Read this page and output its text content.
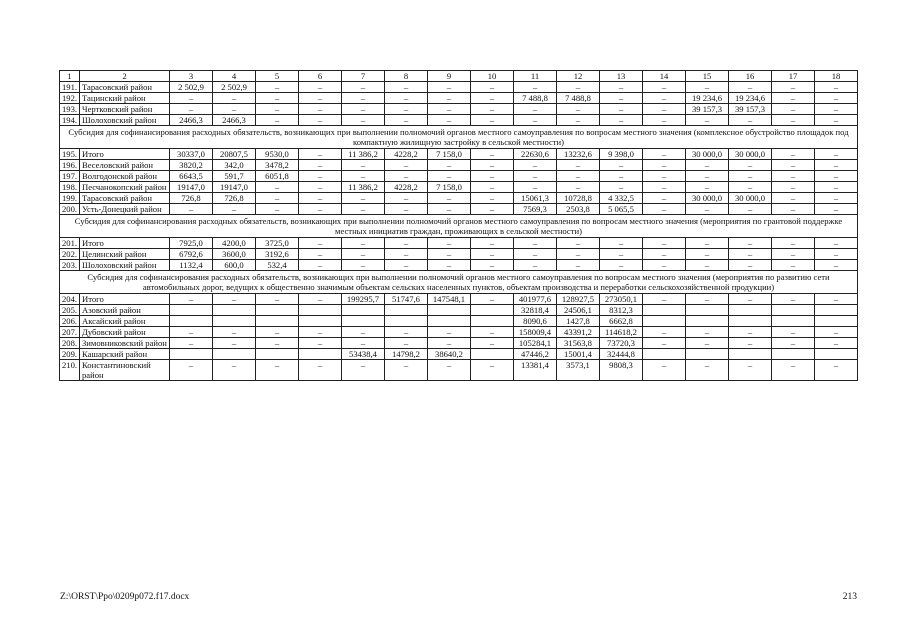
1	2	3	4	5	6	7	8	9	10	11	12	13	14	15	16	17	18
191.	Тарасовский район	2 502,9	2 502,9	–	–	–	–	–	–	–	–	–	–	–	–	–	–
192.	Тацинский район	–	–	–	–	–	–	–	–	7 488,8	7 488,8	–	–	19 234,6	19 234,6	–	–
193.	Чертковский район	–	–	–	–	–	–	–	–	–	–	–	–	39 157,3	39 157,3	–	–
194.	Шолоховский район	2466,3	2466,3	–	–	–	–	–	–	–	–	–	–	–	–	–	–
Субсидия для софинансирования расходных обязательств, возникающих при выполнении полномочий органов местного самоуправления по вопросам местного значения (комплексное обустройство площадок под компактную жилищную застройку в сельской местности)																	
195.	Итого	30337,0	20807,5	9530,0	–	11 386,2	4228,2	7 158,0	–	22630,6	13232,6	9 398,0	–	30 000,0	30 000,0	–	–
196.	Веселовский район	3820,2	342,0	3478,2	–	–	–	–	–	–	–	–	–	–	–	–	–
197.	Волгодонской район	6643,5	591,7	6051,8	–	–	–	–	–	–	–	–	–	–	–	–	–
198.	Песчанокопский район	19147,0	19147,0	–	–	11 386,2	4228,2	7 158,0	–	–	–	–	–	–	–	–	–
199.	Тарасовский район	726,8	726,8	–	–	–	–	–	–	15061,3	10728,8	4 332,5	–	30 000,0	30 000,0	–	–
200.	Усть-Донецкий район	–	–	–	–	–	–	–	–	7569,3	2503,8	5 065,5	–	–	–	–	–
Субсидия для софинансирования расходных обязательств, возникающих при выполнении полномочий органов местного самоуправления по вопросам местного значения (мероприятия по грантовой поддержке местных инициатив граждан, проживающих в сельской местности)																	
201.	Итого	7925,0	4200,0	3725,0	–	–	–	–	–	–	–	–	–	–	–	–	–
202.	Целинский район	6792,6	3600,0	3192,6	–	–	–	–	–	–	–	–	–	–	–	–	–
203.	Шолоховский район	1132,4	600,0	532,4	–	–	–	–	–	–	–	–	–	–	–	–	–
Субсидия для софинансирования расходных обязательств, возникающих при выполнении полномочий органов местного самоуправления по вопросам местного значения (мероприятия по развитию сети автомобильных дорог, ведущих к общественно значимым объектам сельских населенных пунктов, объектам производства и переработки сельскохозяйственной продукции)																	
204.	Итого	–	–	–	–	199295,7	51747,6	147548,1	–	401977,6	128927,5	273050,1	–	–	–	–	–
205.	Азовский район									32818,4	24506,1	8312,3					
206.	Аксайский район									8090,6	1427,8	6662,8					
207.	Дубовский район	–	–	–	–	–	–	–	–	158009,4	43391,2	114618,2	–	–	–	–	–
208.	Зимовниковский район	–	–	–	–	–	–	–	–	105284,1	31563,8	73720,3	–	–	–	–	–
209.	Кашарский район					53438,4	14798,2	38640,2		47446,2	15001,4	32444,8					
210.	Константиновский район	–	–	–	–	–	–	–	–	13381,4	3573,1	9808,3	–	–	–	–	–
Z:\ORST\Ppo\0209p072.f17.docx	213
